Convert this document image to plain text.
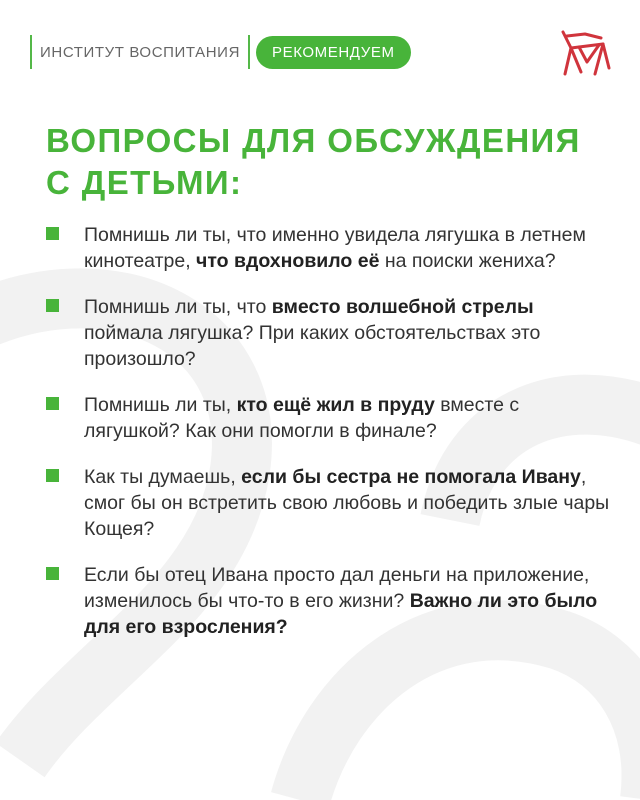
ИНСТИТУТ ВОСПИТАНИЯ	РЕКОМЕНДУЕМ
ВОПРОСЫ ДЛЯ ОБСУЖДЕНИЯ
С ДЕТЬМИ:
Помнишь ли ты, что именно увидела лягушка в летнем кинотеатре, что вдохновило её на поиски жениха?
Помнишь ли ты, что вместо волшебной стрелы поймала лягушка? При каких обстоятельствах это произошло?
Помнишь ли ты, кто ещё жил в пруду вместе с лягушкой? Как они помогли в финале?
Как ты думаешь, если бы сестра не помогала Ивану, смог бы он встретить свою любовь и победить злые чары Кощея?
Если бы отец Ивана просто дал деньги на приложение, изменилось бы что-то в его жизни? Важно ли это было для его взросления?
